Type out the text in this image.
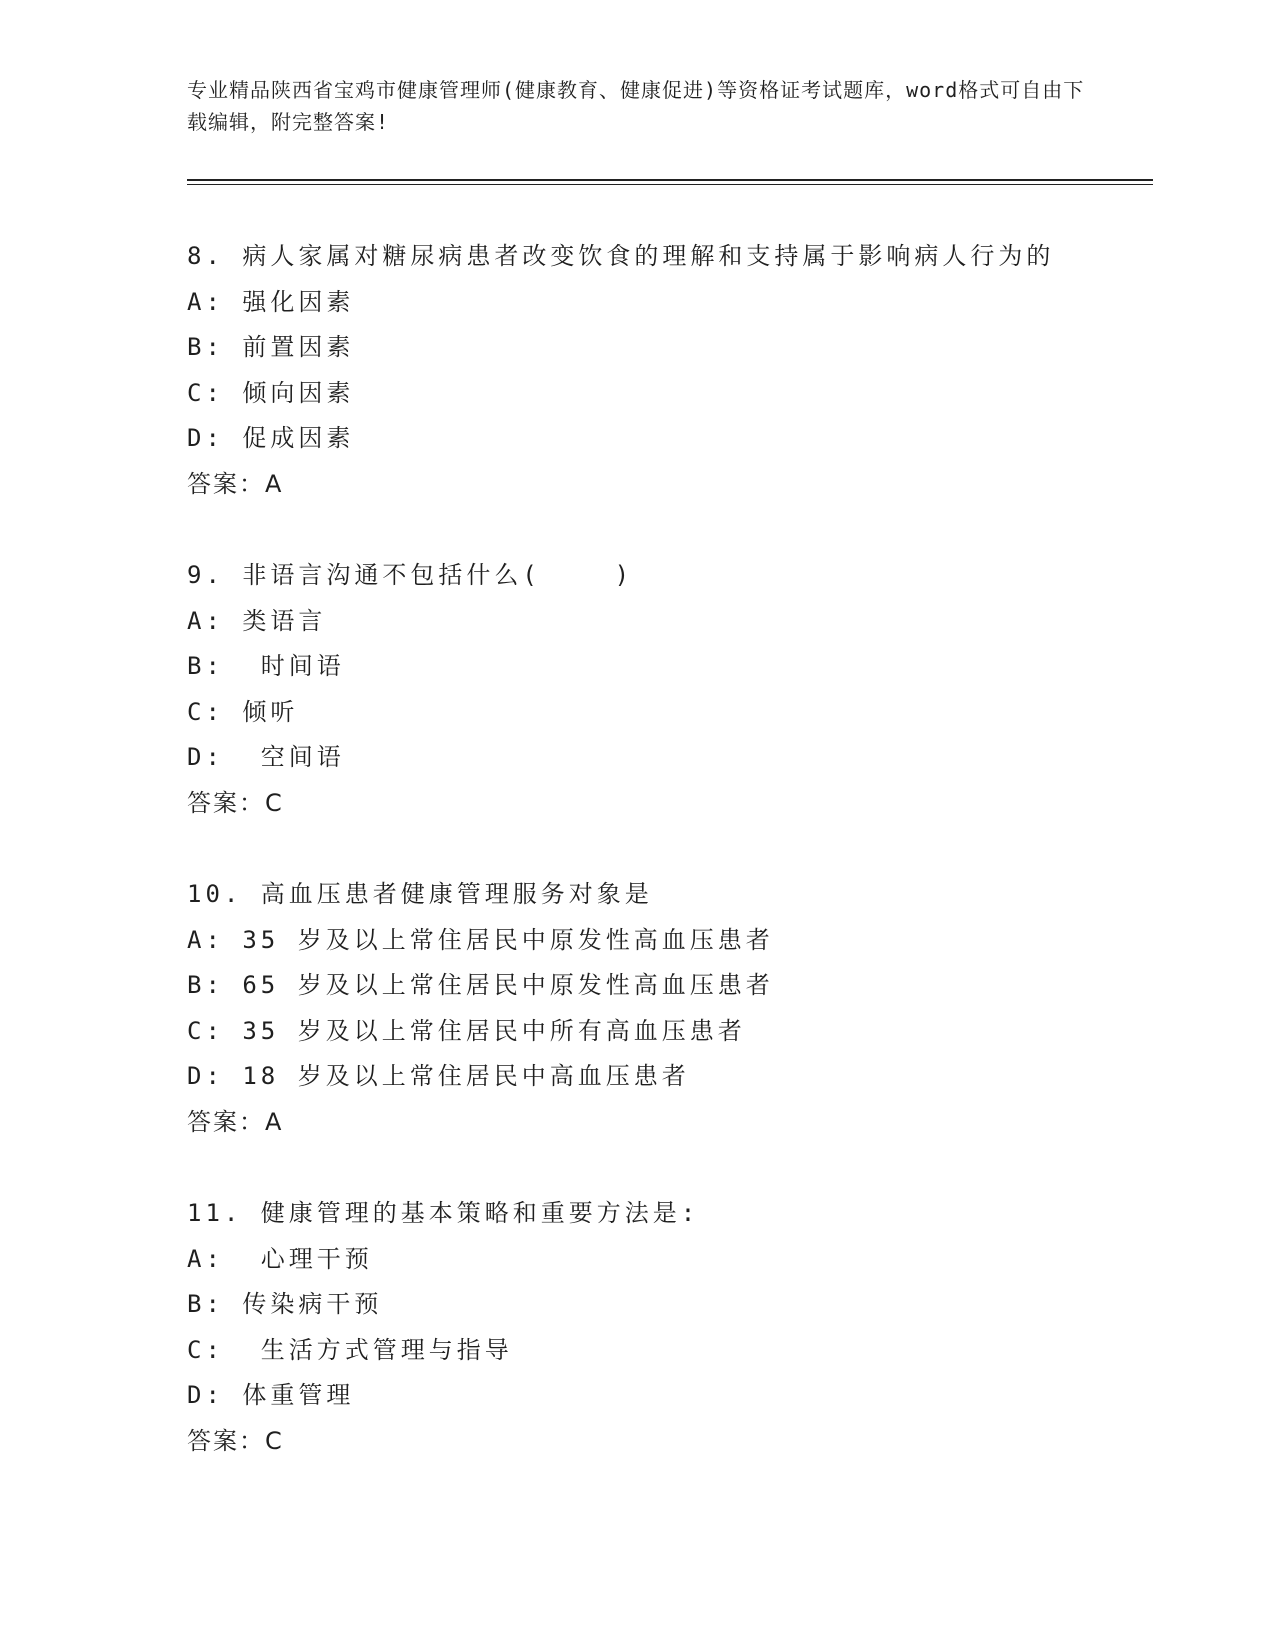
专业精品陕西省宝鸡市健康管理师(健康教育、健康促进)等资格证考试题库，word格式可自由下载编辑，附完整答案!
8. 病人家属对糖尿病患者改变饮食的理解和支持属于影响病人行为的
A: 强化因素
B: 前置因素
C: 倾向因素
D: 促成因素
答案：A
9. 非语言沟通不包括什么(    )
A: 类语言
B:  时间语
C: 倾听
D:  空间语
答案：C
10. 高血压患者健康管理服务对象是
A: 35 岁及以上常住居民中原发性高血压患者
B: 65 岁及以上常住居民中原发性高血压患者
C: 35 岁及以上常住居民中所有高血压患者
D: 18 岁及以上常住居民中高血压患者
答案：A
11. 健康管理的基本策略和重要方法是:
A:  心理干预
B: 传染病干预
C:  生活方式管理与指导
D: 体重管理
答案：C
